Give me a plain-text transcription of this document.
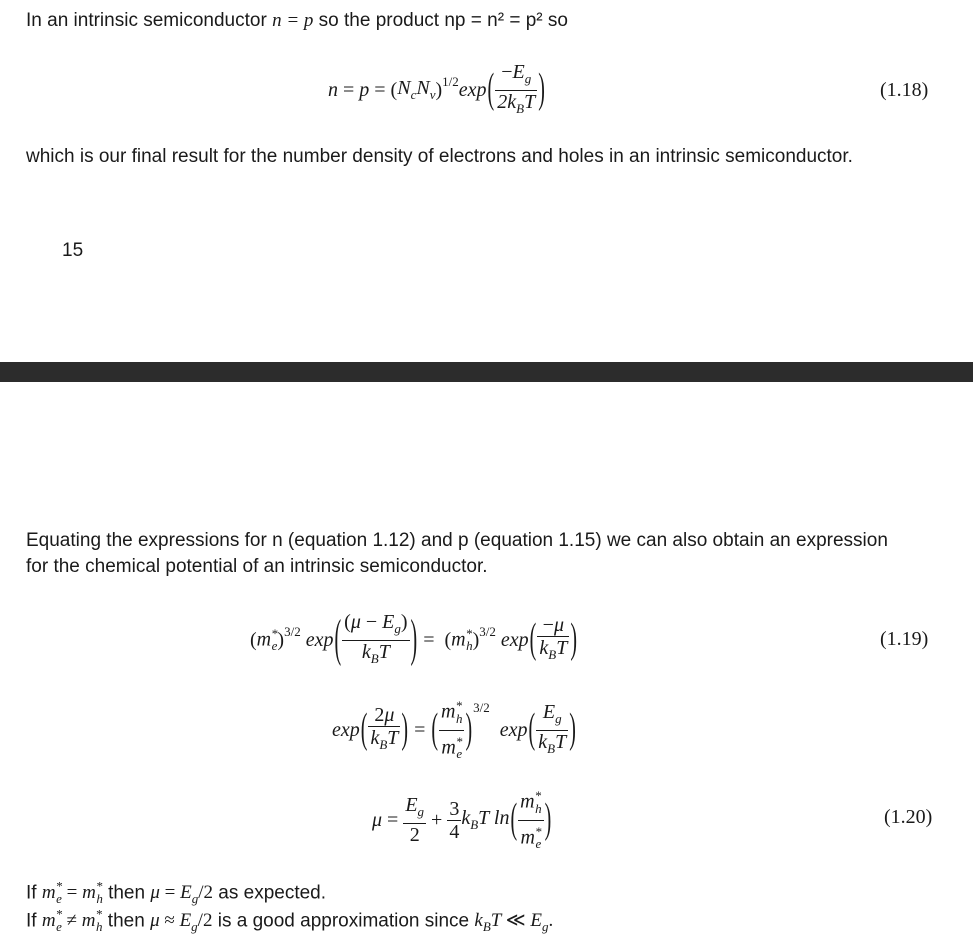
In an intrinsic semiconductor n = p so the product np = n² = p² so
n = p = ( $N_cN_v$ )$^{1/2}$ exp ( $\frac{-E_g}{2k_BT}$ )	(1.18)
which is our final result for the number density of electrons and holes in an intrinsic semiconductor.
15
Equating the expressions for n (equation 1.12) and p (equation 1.15) we can also obtain an expression
for the chemical potential of an intrinsic semiconductor.
( $m^*_e$ )$^{3/2}$ exp ( $\frac{(\mu - E_g)}{k_BT}$ ) =  ( $m^*_h$ )$^{3/2}$ exp ( $\frac{-\mu}{k_BT}$ )	(1.19)
exp ( $\frac{2\mu}{k_BT}$ ) = ( $\frac{m^*_h}{m^*_e} )^{3/2}$
exp ( $\frac{E_g}{k_BT}$ )
$\mu = \frac{E_g}{2} + \frac{3}{4} k_BT$ ln ( $\frac{m^*_h}{m^*_e}$ )	(1.20)
If $m^*_e = m^*_h$ then $\mu = E_g/2$ as expected.
If $m^*_e \ne m^*_h$ then $\mu \approx E_g/2$ is a good approximation since $k_BT$ ≪ $E_g$.
